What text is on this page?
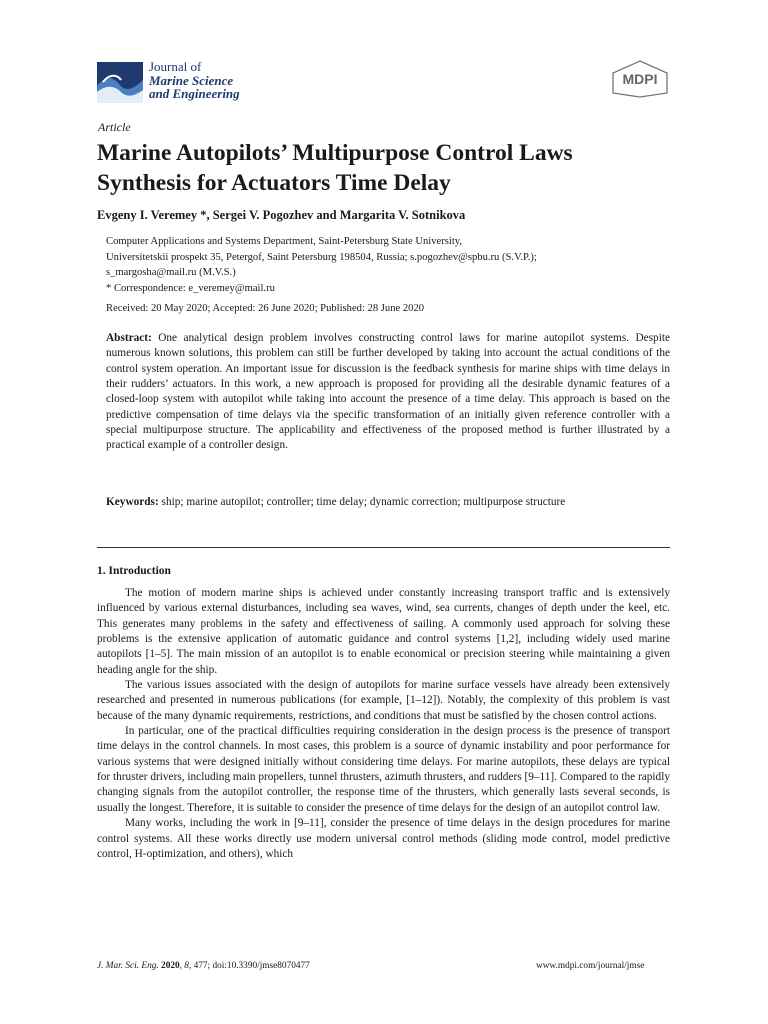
Journal of
Marine Science
and Engineering
MDPI
Article
Marine Autopilots’ Multipurpose Control Laws Synthesis for Actuators Time Delay
Evgeny I. Veremey *, Sergei V. Pogozhev and Margarita V. Sotnikova
Computer Applications and Systems Department, Saint-Petersburg State University,
Universitetskii prospekt 35, Petergof, Saint Petersburg 198504, Russia; s.pogozhev@spbu.ru (S.V.P.);
s_margosha@mail.ru (M.V.S.)
* Correspondence: e_veremey@mail.ru
Received: 20 May 2020; Accepted: 26 June 2020; Published: 28 June 2020
Abstract: One analytical design problem involves constructing control laws for marine autopilot systems. Despite numerous known solutions, this problem can still be further developed by taking into account the actual conditions of the control system operation. An important issue for discussion is the feedback synthesis for marine ships with time delays in their rudders’ actuators. In this work, a new approach is proposed for providing all the desirable dynamic features of a closed-loop system with autopilot while taking into account the presence of a time delay. This approach is based on the predictive compensation of time delays via the specific transformation of an initially given reference controller with a special multipurpose structure. The applicability and effectiveness of the proposed method is further illustrated by a practical example of a controller design.
Keywords: ship; marine autopilot; controller; time delay; dynamic correction; multipurpose structure
1. Introduction

The motion of modern marine ships is achieved under constantly increasing transport traffic and is extensively influenced by various external disturbances, including sea waves, wind, sea currents, changes of depth under the keel, etc. This generates many problems in the safety and effectiveness of sailing. A commonly used approach for solving these problems is the extensive application of automatic guidance and control systems [1,2], including widely used marine autopilots [1–5]. The main mission of an autopilot is to enable economical or precision steering while maintaining a given heading angle for the ship.

The various issues associated with the design of autopilots for marine surface vessels have already been extensively researched and presented in numerous publications (for example, [1–12]). Notably, the complexity of this problem is vast because of the many dynamic requirements, restrictions, and conditions that must be satisfied by the chosen control actions.

In particular, one of the practical difficulties requiring consideration in the design process is the presence of transport time delays in the control channels. In most cases, this problem is a source of dynamic instability and poor performance for various systems that were designed initially without considering time delays. For marine autopilots, these delays are typical for thruster drivers, including main propellers, tunnel thrusters, azimuth thrusters, and rudders [9–11]. Compared to the rapidly changing signals from the autopilot controller, the response time of the thrusters, which generally lasts several seconds, is usually the longest. Therefore, it is suitable to consider the presence of time delays for the design of an autopilot control law.

Many works, including the work in [9–11], consider the presence of time delays in the design procedures for marine control systems. All these works directly use modern universal control methods (sliding mode control, model predictive control, H-optimization, and others), which

J. Mar. Sci. Eng. 2020, 8, 477; doi:10.3390/jmse8070477	www.mdpi.com/journal/jmse
